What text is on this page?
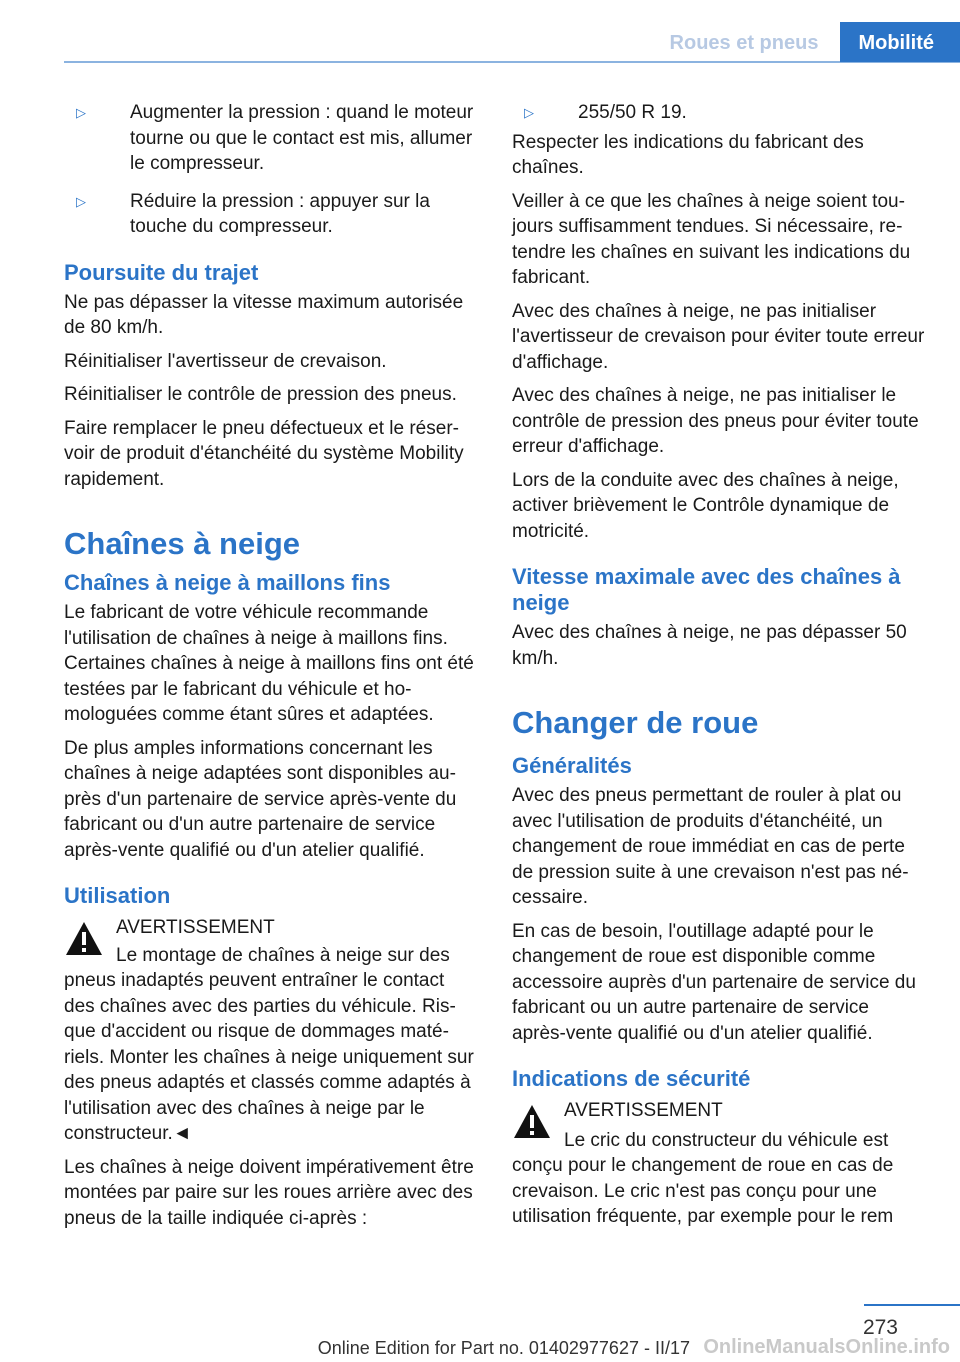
Roues et pneus	Mobilité
▷	Augmenter la pression : quand le moteur tourne ou que le contact est mis, allumer le compresseur.
▷	Réduire la pression : appuyer sur la touche du compresseur.
Poursuite du trajet

Ne pas dépasser la vitesse maximum autorisée de 80 km/h.

Réinitialiser l'avertisseur de crevaison.

Réinitialiser le contrôle de pression des pneus.

Faire remplacer le pneu défectueux et le réservoir de produit d'étanchéité du système Mobility rapidement.

Chaînes à neige
Chaînes à neige à maillons fins

Le fabricant de votre véhicule recommande l'utilisation de chaînes à neige à maillons fins. Certaines chaînes à neige à maillons fins ont été testées par le fabricant du véhicule et homologuées comme étant sûres et adaptées.

De plus amples informations concernant les chaînes à neige adaptées sont disponibles auprès d'un partenaire de service après-vente du fabricant ou d'un autre partenaire de service après-vente qualifié ou d'un atelier qualifié.

Utilisation

AVERTISSEMENT

Le montage de chaînes à neige sur des pneus inadaptés peuvent entraîner le contact des chaînes avec des parties du véhicule. Risque d'accident ou risque de dommages matériels. Monter les chaînes à neige uniquement sur des pneus adaptés et classés comme adaptés à l'utilisation avec des chaînes à neige par le constructeur.◄

Les chaînes à neige doivent impérativement être montées par paire sur les roues arrière avec des pneus de la taille indiquée ci-après :

▷	255/50 R 19.

Respecter les indications du fabricant des chaînes.

Veiller à ce que les chaînes à neige soient toujours suffisamment tendues. Si nécessaire, retendre les chaînes en suivant les indications du fabricant.

Avec des chaînes à neige, ne pas initialiser l'avertisseur de crevaison pour éviter toute erreur d'affichage.

Avec des chaînes à neige, ne pas initialiser le contrôle de pression des pneus pour éviter toute erreur d'affichage.

Lors de la conduite avec des chaînes à neige, activer brièvement le Contrôle dynamique de motricité.

Vitesse maximale avec des chaînes à neige

Avec des chaînes à neige, ne pas dépasser 50 km/h.

Changer de roue
Généralités

Avec des pneus permettant de rouler à plat ou avec l'utilisation de produits d'étanchéité, un changement de roue immédiat en cas de perte de pression suite à une crevaison n'est pas nécessaire.

En cas de besoin, l'outillage adapté pour le changement de roue est disponible comme accessoire auprès d'un partenaire de service du fabricant ou un autre partenaire de service après-vente qualifié ou d'un atelier qualifié.

Indications de sécurité

AVERTISSEMENT

Le cric du constructeur du véhicule est conçu pour le changement de roue en cas de crevaison. Le cric n'est pas conçu pour une utilisation fréquente, par exemple pour le rem

273
Online Edition for Part no. 01402977627 - II/17 OnlineManualsOnline.info
